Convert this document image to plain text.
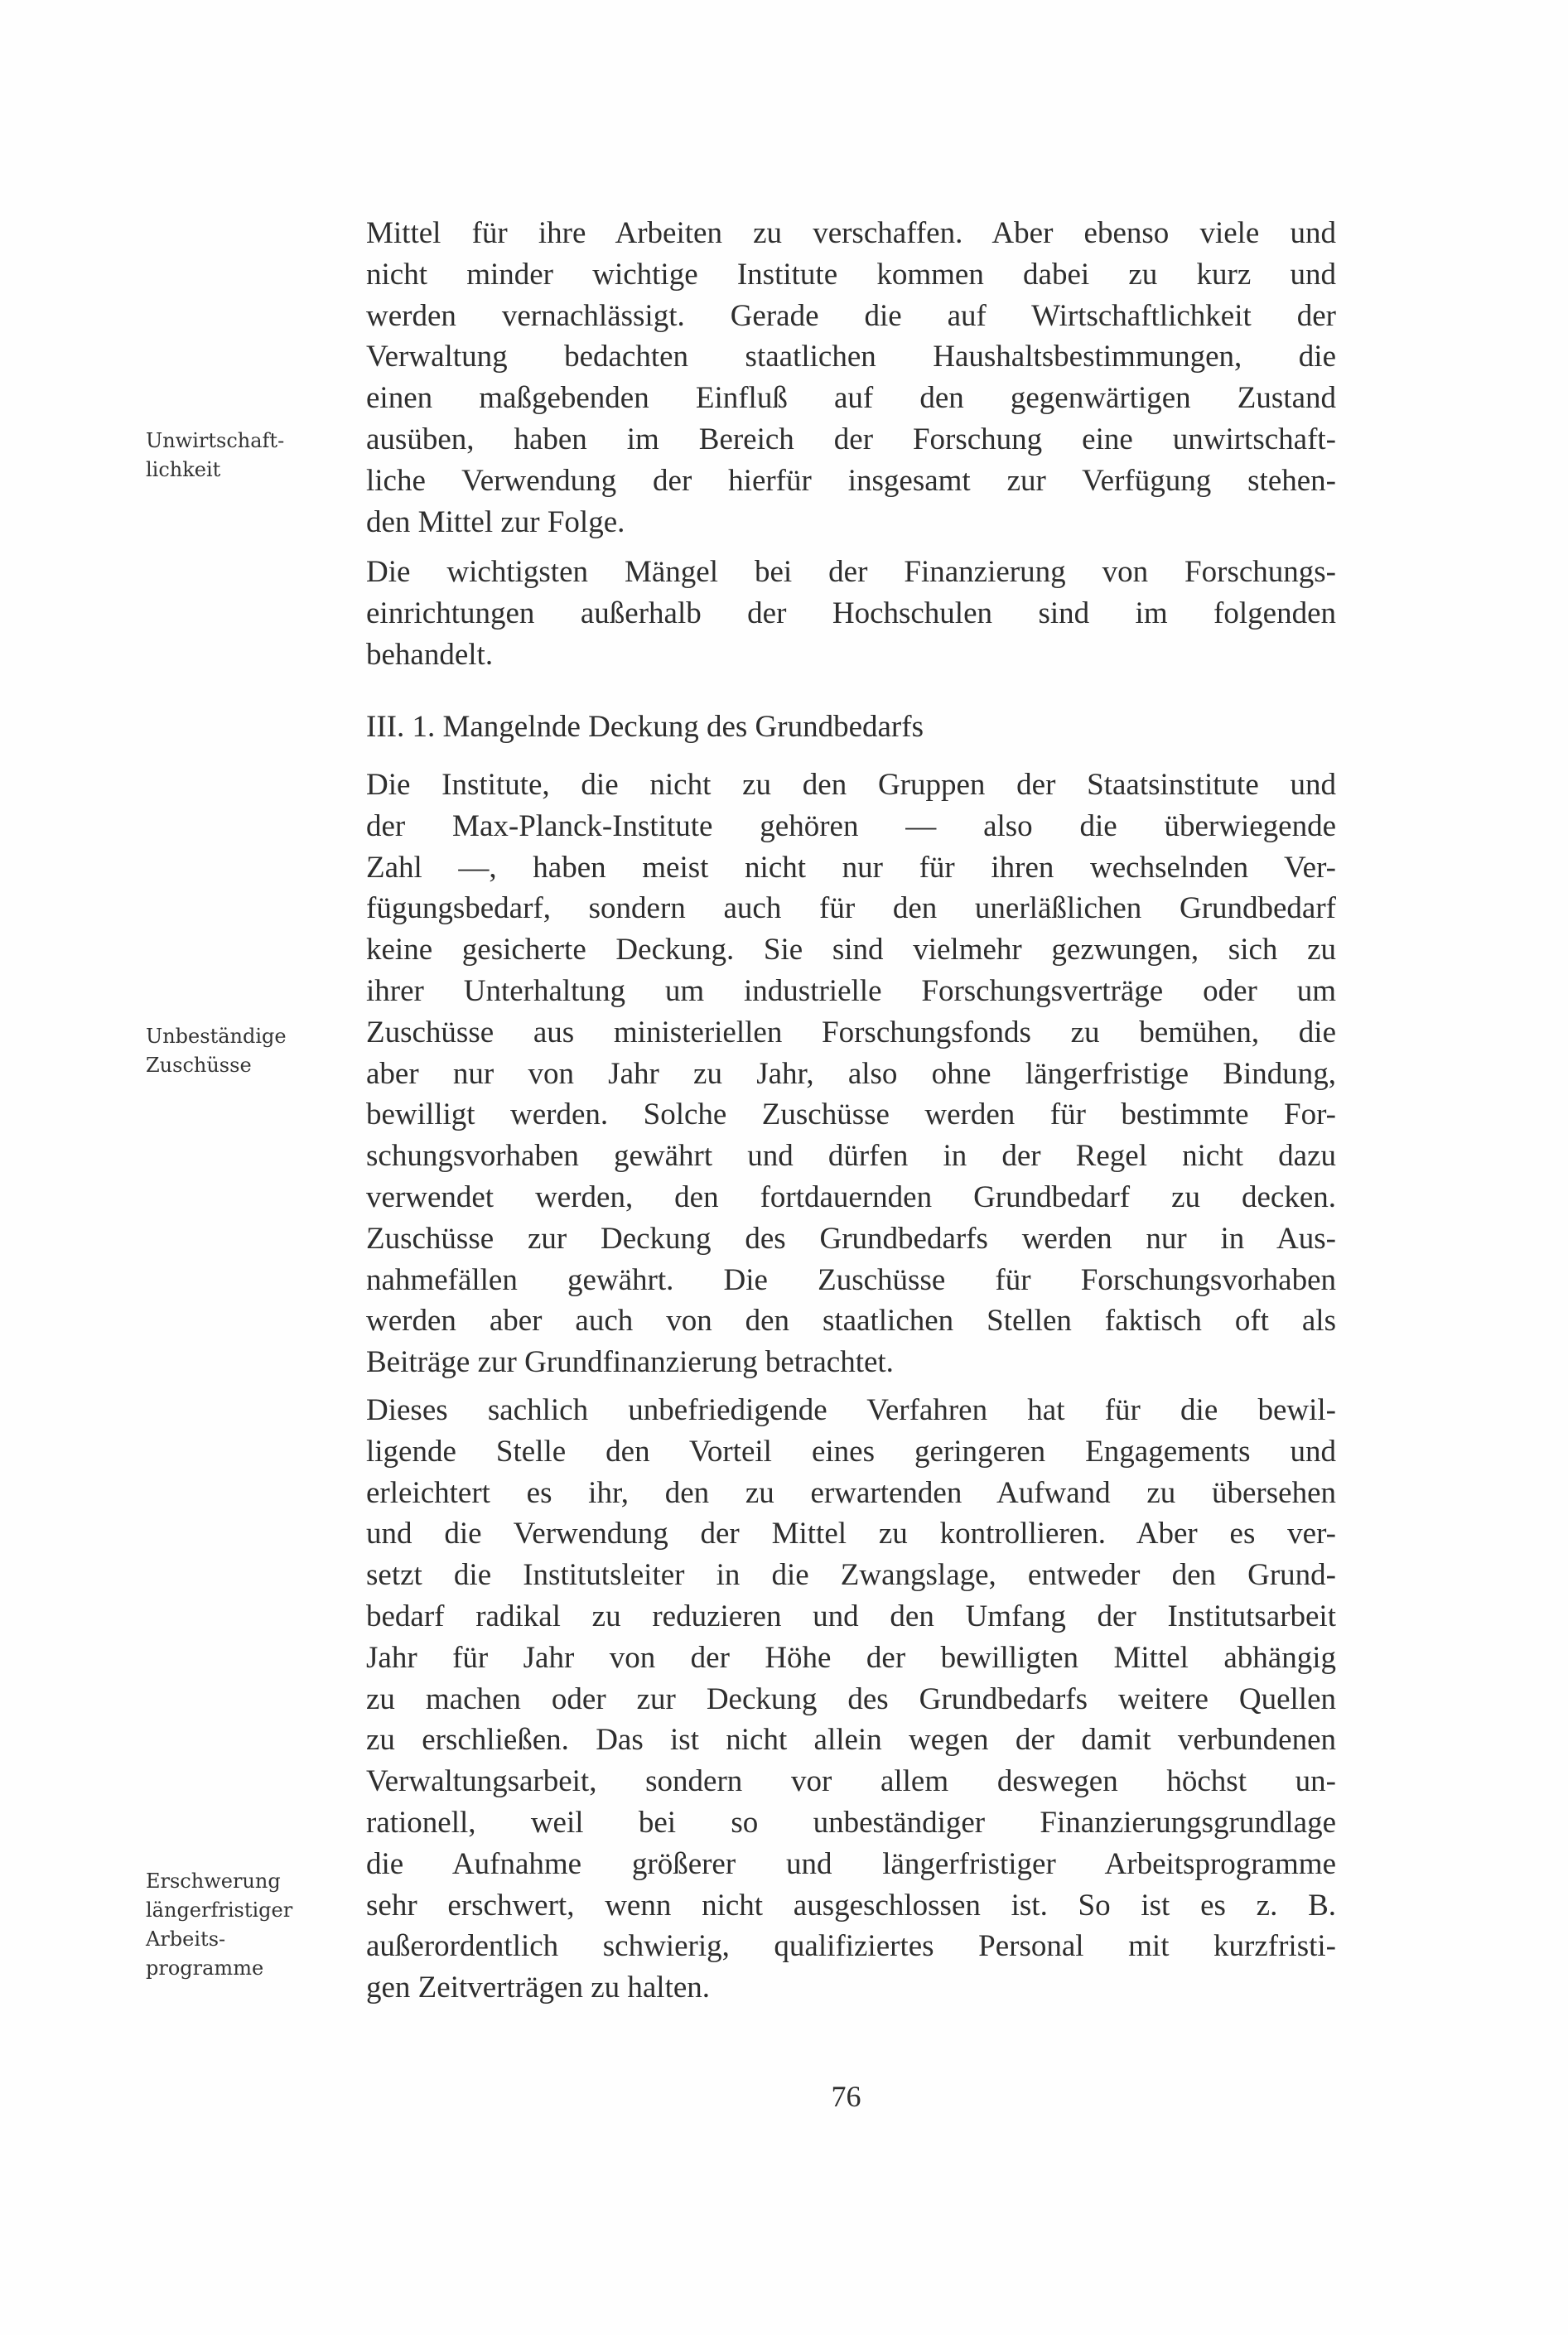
Unwirtschaft-
lichkeit
Unbeständige
Zuschüsse
Erschwerung
längerfristiger
Arbeits-
programme
Mittel für ihre Arbeiten zu verschaffen. Aber ebenso viele und
nicht minder wichtige Institute kommen dabei zu kurz und
werden vernachlässigt. Gerade die auf Wirtschaftlichkeit der
Verwaltung bedachten staatlichen Haushaltsbestimmungen, die
einen maßgebenden Einfluß auf den gegenwärtigen Zustand
ausüben, haben im Bereich der Forschung eine unwirtschaft-
liche Verwendung der hierfür insgesamt zur Verfügung stehen-
den Mittel zur Folge.
Die wichtigsten Mängel bei der Finanzierung von Forschungs-
einrichtungen außerhalb der Hochschulen sind im folgenden
behandelt.
III. 1. Mangelnde Deckung des Grundbedarfs
Die Institute, die nicht zu den Gruppen der Staatsinstitute und
der Max-Planck-Institute gehören — also die überwiegende
Zahl —, haben meist nicht nur für ihren wechselnden Ver-
fügungsbedarf, sondern auch für den unerläßlichen Grundbedarf
keine gesicherte Deckung. Sie sind vielmehr gezwungen, sich zu
ihrer Unterhaltung um industrielle Forschungsverträge oder um
Zuschüsse aus ministeriellen Forschungsfonds zu bemühen, die
aber nur von Jahr zu Jahr, also ohne längerfristige Bindung,
bewilligt werden. Solche Zuschüsse werden für bestimmte For-
schungsvorhaben gewährt und dürfen in der Regel nicht dazu
verwendet werden, den fortdauernden Grundbedarf zu decken.
Zuschüsse zur Deckung des Grundbedarfs werden nur in Aus-
nahmefällen gewährt. Die Zuschüsse für Forschungsvorhaben
werden aber auch von den staatlichen Stellen faktisch oft als
Beiträge zur Grundfinanzierung betrachtet.
Dieses sachlich unbefriedigende Verfahren hat für die bewil-
ligende Stelle den Vorteil eines geringeren Engagements und
erleichtert es ihr, den zu erwartenden Aufwand zu übersehen
und die Verwendung der Mittel zu kontrollieren. Aber es ver-
setzt die Institutsleiter in die Zwangslage, entweder den Grund-
bedarf radikal zu reduzieren und den Umfang der Institutsarbeit
Jahr für Jahr von der Höhe der bewilligten Mittel abhängig
zu machen oder zur Deckung des Grundbedarfs weitere Quellen
zu erschließen. Das ist nicht allein wegen der damit verbundenen
Verwaltungsarbeit, sondern vor allem deswegen höchst un-
rationell, weil bei so unbeständiger Finanzierungsgrundlage
die Aufnahme größerer und längerfristiger Arbeitsprogramme
sehr erschwert, wenn nicht ausgeschlossen ist. So ist es z. B.
außerordentlich schwierig, qualifiziertes Personal mit kurzfristi-
gen Zeitverträgen zu halten.
76
